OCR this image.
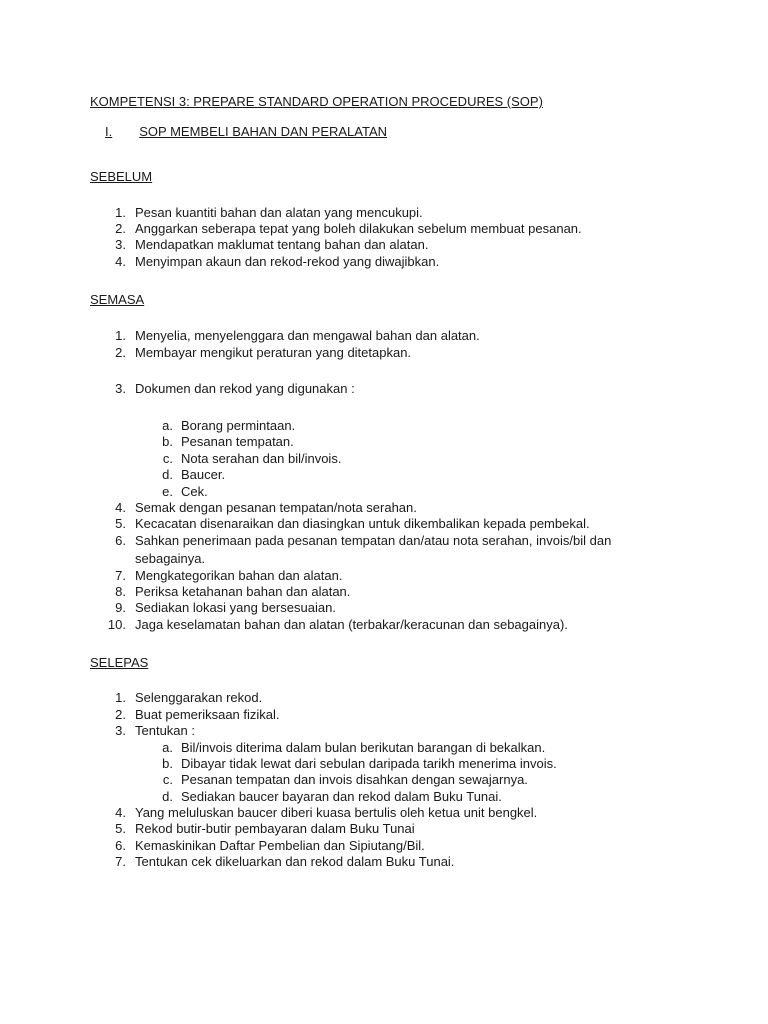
KOMPETENSI 3: PREPARE STANDARD OPERATION PROCEDURES (SOP)
I. SOP MEMBELI BAHAN DAN PERALATAN
SEBELUM
1. Pesan kuantiti bahan dan alatan yang mencukupi.
2. Anggarkan seberapa tepat yang boleh dilakukan sebelum membuat pesanan.
3. Mendapatkan maklumat tentang bahan dan alatan.
4. Menyimpan akaun dan rekod-rekod yang diwajibkan.
SEMASA
1. Menyelia, menyelenggara dan mengawal bahan dan alatan.
2. Membayar mengikut peraturan yang ditetapkan.
3. Dokumen dan rekod yang digunakan :
a. Borang permintaan.
b. Pesanan tempatan.
c. Nota serahan dan bil/invois.
d. Baucer.
e. Cek.
4. Semak dengan pesanan tempatan/nota serahan.
5. Kecacatan disenaraikan dan diasingkan untuk dikembalikan kepada pembekal.
6. Sahkan penerimaan pada pesanan tempatan dan/atau nota serahan, invois/bil dan
sebagainya.
7. Mengkategorikan bahan dan alatan.
8. Periksa ketahanan bahan dan alatan.
9. Sediakan lokasi yang bersesuaian.
10. Jaga keselamatan bahan dan alatan (terbakar/keracunan dan sebagainya).
SELEPAS
1. Selenggarakan rekod.
2. Buat pemeriksaan fizikal.
3. Tentukan :
a. Bil/invois diterima dalam bulan berikutan barangan di bekalkan.
b. Dibayar tidak lewat dari sebulan daripada tarikh menerima invois.
c. Pesanan tempatan dan invois disahkan dengan sewajarnya.
d. Sediakan baucer bayaran dan rekod dalam Buku Tunai.
4. Yang meluluskan baucer diberi kuasa bertulis oleh ketua unit bengkel.
5. Rekod butir-butir pembayaran dalam Buku Tunai
6. Kemaskinikan Daftar Pembelian dan Sipiutang/Bil.
7. Tentukan cek dikeluarkan dan rekod dalam Buku Tunai.
